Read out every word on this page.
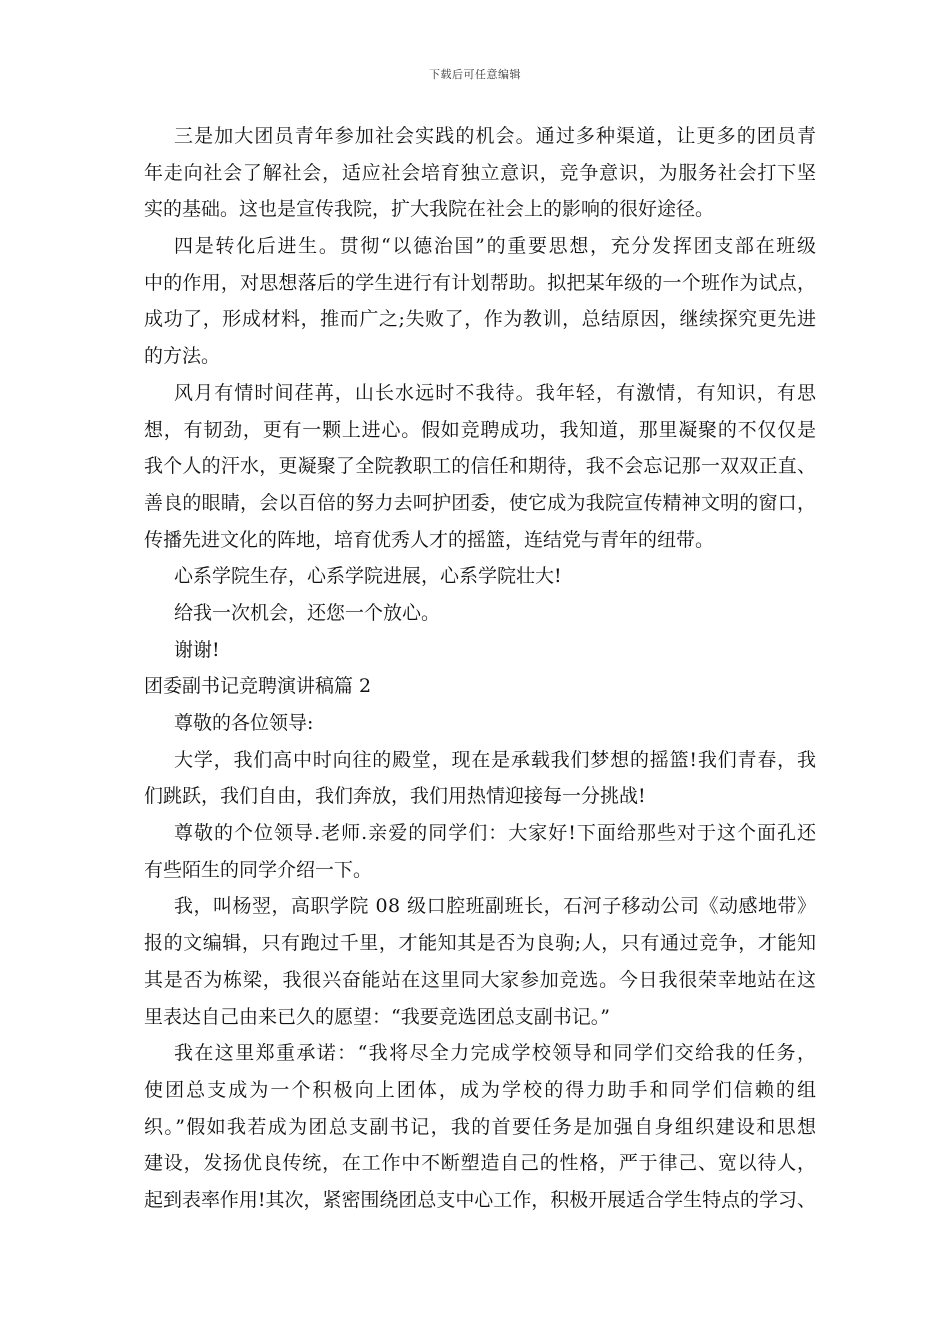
下载后可任意编辑
三是加大团员青年参加社会实践的机会。通过多种渠道，让更多的团员青
年走向社会了解社会，适应社会培育独立意识，竞争意识，为服务社会打下坚
实的基础。这也是宣传我院，扩大我院在社会上的影响的很好途径。
四是转化后进生。贯彻“以德治国”的重要思想，充分发挥团支部在班级
中的作用，对思想落后的学生进行有计划帮助。拟把某年级的一个班作为试点，
成功了，形成材料，推而广之;失败了，作为教训，总结原因，继续探究更先进
的方法。
风月有情时间荏苒，山长水远时不我待。我年轻，有激情，有知识，有思
想，有韧劲，更有一颗上进心。假如竞聘成功，我知道，那里凝聚的不仅仅是
我个人的汗水，更凝聚了全院教职工的信任和期待，我不会忘记那一双双正直、
善良的眼睛，会以百倍的努力去呵护团委，使它成为我院宣传精神文明的窗口，
传播先进文化的阵地，培育优秀人才的摇篮，连结党与青年的纽带。
心系学院生存，心系学院进展，心系学院壮大!
给我一次机会，还您一个放心。
谢谢!
团委副书记竞聘演讲稿篇 2
尊敬的各位领导:
大学，我们高中时向往的殿堂，现在是承载我们梦想的摇篮!我们青春，我
们跳跃，我们自由，我们奔放，我们用热情迎接每一分挑战!
尊敬的个位领导.老师.亲爱的同学们：大家好!下面给那些对于这个面孔还
有些陌生的同学介绍一下。
我，叫杨翌，高职学院 08 级口腔班副班长，石河子移动公司《动感地带》
报的文编辑，只有跑过千里，才能知其是否为良驹;人，只有通过竞争，才能知
其是否为栋梁，我很兴奋能站在这里同大家参加竞选。今日我很荣幸地站在这
里表达自己由来已久的愿望：“我要竞选团总支副书记。”
我在这里郑重承诺：“我将尽全力完成学校领导和同学们交给我的任务，
使团总支成为一个积极向上团体，成为学校的得力助手和同学们信赖的组
织。”假如我若成为团总支副书记，我的首要任务是加强自身组织建设和思想
建设，发扬优良传统，在工作中不断塑造自己的性格，严于律己、宽以待人，
起到表率作用!其次，紧密围绕团总支中心工作，积极开展适合学生特点的学习、
